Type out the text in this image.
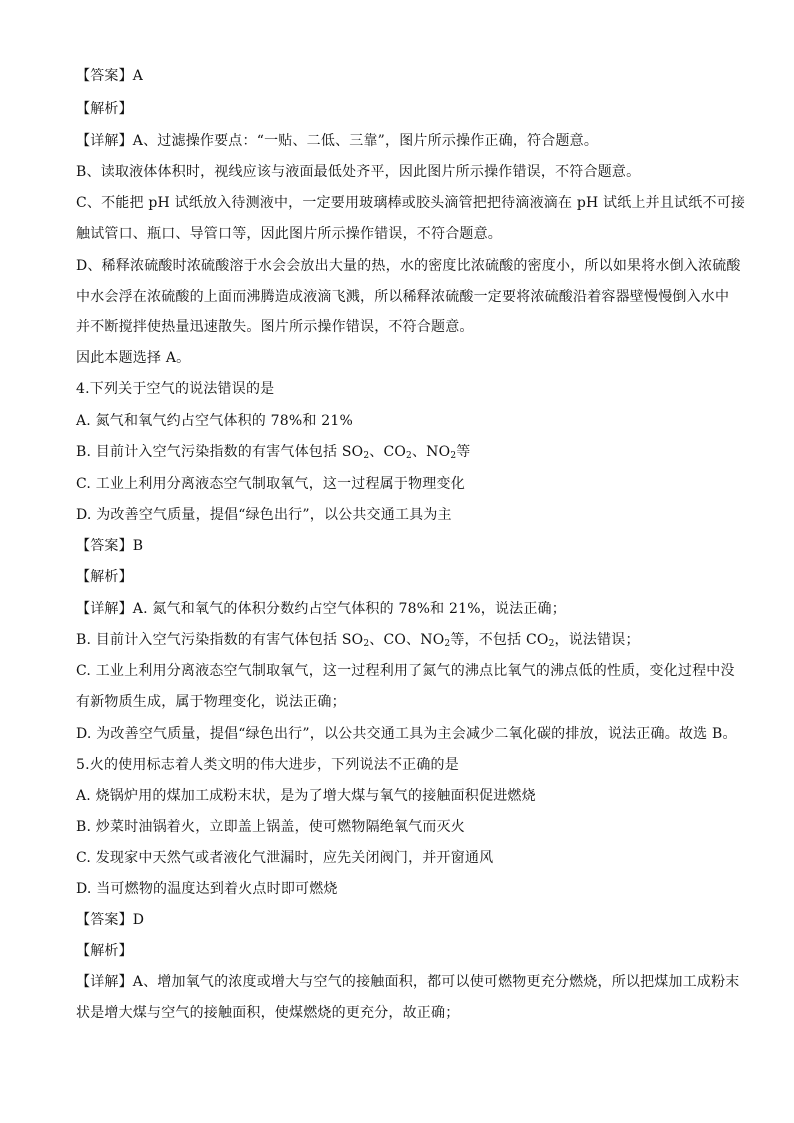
【答案】A
【解析】
【详解】A、过滤操作要点：“一贴、二低、三靠”，图片所示操作正确，符合题意。
B、读取液体体积时，视线应该与液面最低处齐平，因此图片所示操作错误，不符合题意。
C、不能把 pH 试纸放入待测液中，一定要用玻璃棒或胶头滴管把把待滴液滴在 pH 试纸上并且试纸不可接
触试管口、瓶口、导管口等，因此图片所示操作错误，不符合题意。
D、稀释浓硫酸时浓硫酸溶于水会会放出大量的热，水的密度比浓硫酸的密度小，所以如果将水倒入浓硫酸
中水会浮在浓硫酸的上面而沸腾造成液滴飞溅，所以稀释浓硫酸一定要将浓硫酸沿着容器壁慢慢倒入水中
并不断搅拌使热量迅速散失。图片所示操作错误，不符合题意。
因此本题选择 A。
4.下列关于空气的说法错误的是
A. 氮气和氧气约占空气体积的 78%和 21%
B. 目前计入空气污染指数的有害气体包括 $SO_2$、$CO_2$、$NO_2$等
C. 工业上利用分离液态空气制取氧气，这一过程属于物理变化
D. 为改善空气质量，提倡“绿色出行”，以公共交通工具为主
【答案】B
【解析】
【详解】A. 氮气和氧气的体积分数约占空气体积的 78%和 21%，说法正确；
B. 目前计入空气污染指数的有害气体包括 $SO_2$、CO、$NO_2$等，不包括 $CO_2$，说法错误；
C. 工业上利用分离液态空气制取氧气，这一过程利用了氮气的沸点比氧气的沸点低的性质，变化过程中没
有新物质生成，属于物理变化，说法正确；
D. 为改善空气质量，提倡“绿色出行”，以公共交通工具为主会减少二氧化碳的排放，说法正确。故选 B。
5.火的使用标志着人类文明的伟大进步，下列说法不正确的是
A. 烧锅炉用的煤加工成粉末状，是为了增大煤与氧气的接触面积促进燃烧
B. 炒菜时油锅着火，立即盖上锅盖，使可燃物隔绝氧气而灭火
C. 发现家中天然气或者液化气泄漏时，应先关闭阀门，并开窗通风
D. 当可燃物的温度达到着火点时即可燃烧
【答案】D
【解析】
【详解】A、增加氧气的浓度或增大与空气的接触面积，都可以使可燃物更充分燃烧，所以把煤加工成粉末
状是增大煤与空气的接触面积，使煤燃烧的更充分，故正确；
